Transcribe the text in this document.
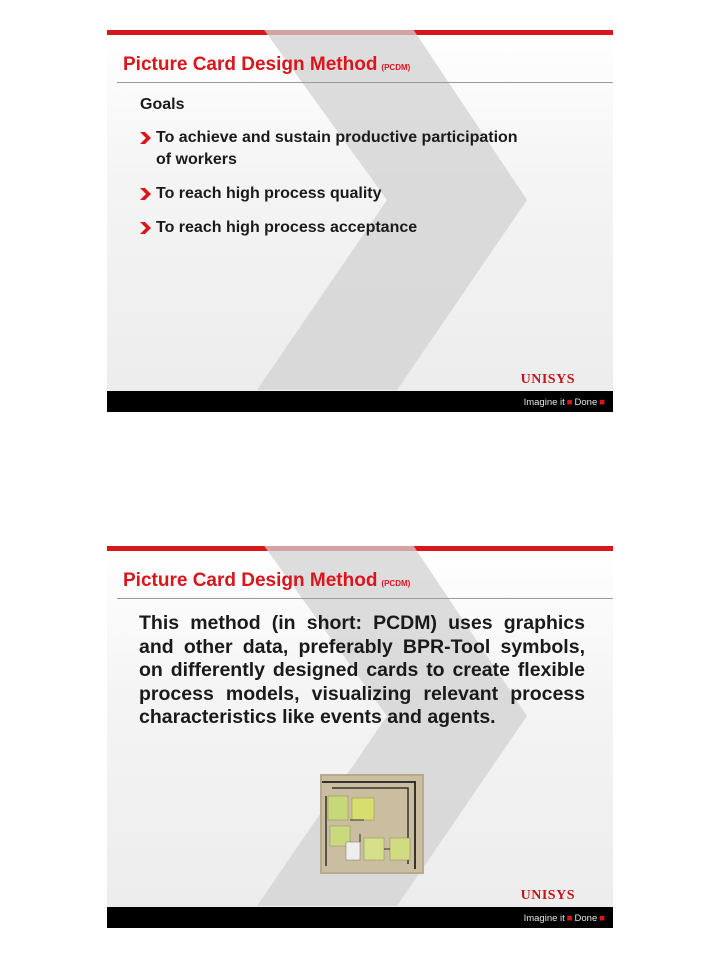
Picture Card Design Method (PCDM)
Goals
To achieve and sustain productive participation of workers
To reach high process quality
To reach high process acceptance
UNISYS
Imagine it ■ Done ■
Picture Card Design Method (PCDM)
This method (in short: PCDM) uses graphics and other data, preferably BPR-Tool symbols, on differently designed cards to create flexible process models, visualizing relevant process characteristics like events and agents.
UNISYS
Imagine it ■ Done ■
